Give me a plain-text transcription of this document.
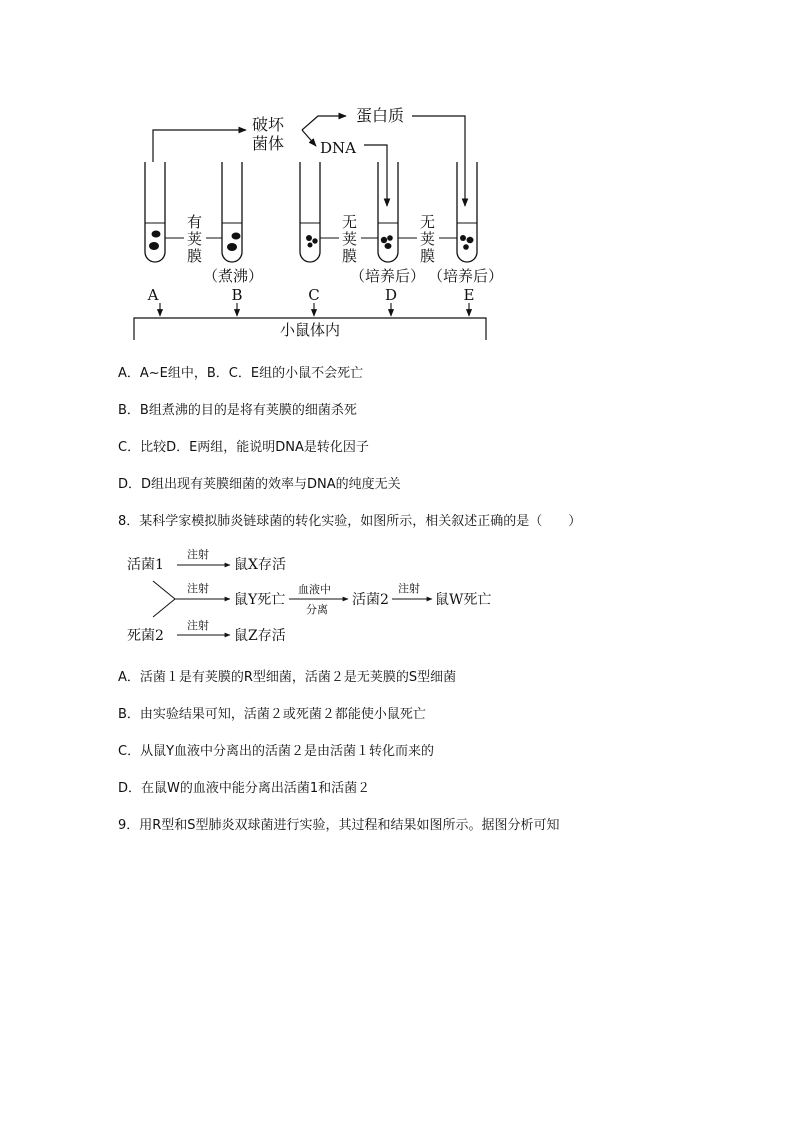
破坏
菌体
蛋白质
DNA
有
荚
膜
无
荚
膜
无
荚
膜
（煮沸）	（培养后） （培养后）
A	B	C	D	E
小鼠体内
A．A~E组中，B．C．E组的小鼠不会死亡
B．B组煮沸的目的是将有荚膜的细菌杀死
C．比较D．E两组，能说明DNA是转化因子
D．D组出现有荚膜细菌的效率与DNA的纯度无关
8．某科学家模拟肺炎链球菌的转化实验，如图所示，相关叙述正确的是（　　）
活菌1
注射
鼠X存活
注射
鼠Y死亡
血液中
分离
活菌2
注射
鼠W死亡
死菌2
注射
鼠Z存活
A．活菌１是有荚膜的R型细菌，活菌２是无荚膜的S型细菌
B．由实验结果可知，活菌２或死菌２都能使小鼠死亡
C．从鼠Y血液中分离出的活菌２是由活菌１转化而来的
D．在鼠W的血液中能分离出活菌1和活菌２
9．用R型和S型肺炎双球菌进行实验，其过程和结果如图所示。据图分析可知
